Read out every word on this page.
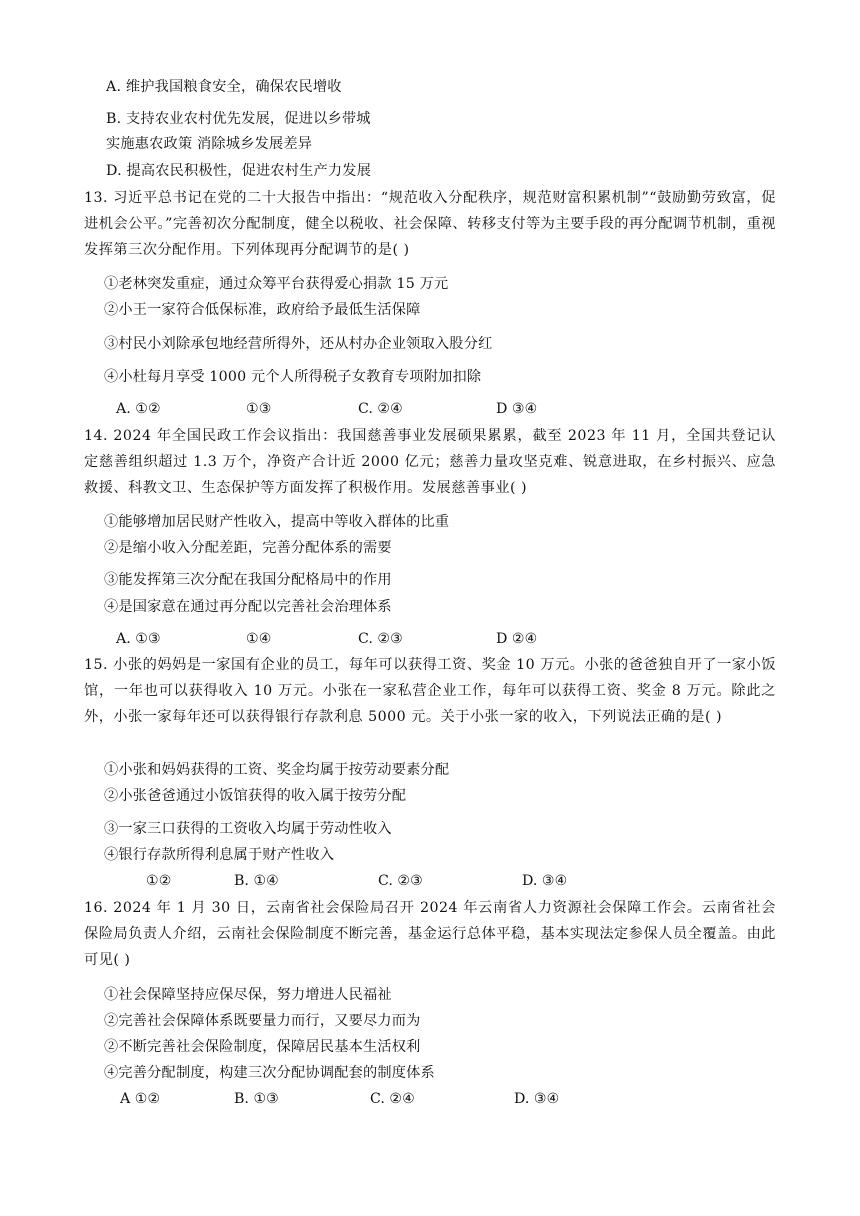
A. 维护我国粮食安全，确保农民增收
B. 支持农业农村优先发展，促进以乡带城
实施惠农政策 消除城乡发展差异
D. 提高农民积极性，促进农村生产力发展
13. 习近平总书记在党的二十大报告中指出：“规范收入分配秩序，规范财富积累机制”“鼓励勤劳致富，促进机会公平。”完善初次分配制度，健全以税收、社会保障、转移支付等为主要手段的再分配调节机制，重视发挥第三次分配作用。下列体现再分配调节的是( )
①老林突发重症，通过众筹平台获得爱心捐款 15 万元
②小王一家符合低保标准，政府给予最低生活保障
③村民小刘除承包地经营所得外，还从村办企业领取入股分红
④小杜每月享受 1000 元个人所得税子女教育专项附加扣除
A. ①②	①③	C. ②④	D ③④
14. 2024 年全国民政工作会议指出：我国慈善事业发展硕果累累，截至 2023 年 11 月，全国共登记认定慈善组织超过 1.3 万个，净资产合计近 2000 亿元；慈善力量攻坚克难、锐意进取，在乡村振兴、应急救援、科教文卫、生态保护等方面发挥了积极作用。发展慈善事业( )
①能够增加居民财产性收入，提高中等收入群体的比重
②是缩小收入分配差距，完善分配体系的需要
③能发挥第三次分配在我国分配格局中的作用
④是国家意在通过再分配以完善社会治理体系
A. ①③	①④	C. ②③	D ②④
15. 小张的妈妈是一家国有企业的员工，每年可以获得工资、奖金 10 万元。小张的爸爸独自开了一家小饭馆，一年也可以获得收入 10 万元。小张在一家私营企业工作，每年可以获得工资、奖金 8 万元。除此之外，小张一家每年还可以获得银行存款利息 5000 元。关于小张一家的收入，下列说法正确的是( )
①小张和妈妈获得的工资、奖金均属于按劳动要素分配
②小张爸爸通过小饭馆获得的收入属于按劳分配
③一家三口获得的工资收入均属于劳动性收入
④银行存款所得利息属于财产性收入
①②	B. ①④	C. ②③	D. ③④
16. 2024 年 1 月 30 日，云南省社会保险局召开 2024 年云南省人力资源社会保障工作会。云南省社会保险局负责人介绍，云南社会保险制度不断完善，基金运行总体平稳，基本实现法定参保人员全覆盖。由此可见( )
①社会保障坚持应保尽保，努力增进人民福祉
②完善社会保障体系既要量力而行，又要尽力而为
②不断完善社会保险制度，保障居民基本生活权利
④完善分配制度，构建三次分配协调配套的制度体系
A ①②	B. ①③	C. ②④	D. ③④
